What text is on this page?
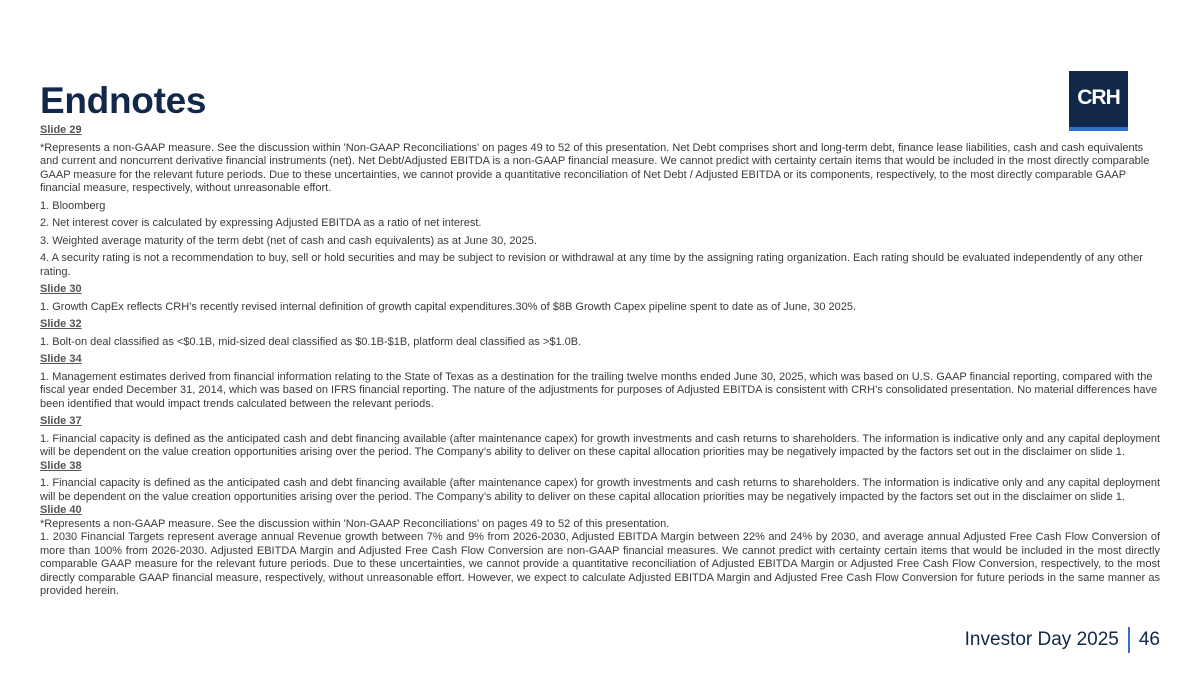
Endnotes	CRH

Slide 29

*Represents a non-GAAP measure. See the discussion within 'Non-GAAP Reconciliations' on pages 49 to 52 of this presentation. Net Debt comprises short and long-term debt, finance lease liabilities, cash and cash equivalents and current and noncurrent derivative financial instruments (net). Net Debt/Adjusted EBITDA is a non-GAAP financial measure. We cannot predict with certainty certain items that would be included in the most directly comparable GAAP measure for the relevant future periods. Due to these uncertainties, we cannot provide a quantitative reconciliation of Net Debt / Adjusted EBITDA or its components, respectively, to the most directly comparable GAAP financial measure, respectively, without unreasonable effort.

1. Bloomberg

2. Net interest cover is calculated by expressing Adjusted EBITDA as a ratio of net interest.

3. Weighted average maturity of the term debt (net of cash and cash equivalents) as at June 30, 2025.

4. A security rating is not a recommendation to buy, sell or hold securities and may be subject to revision or withdrawal at any time by the assigning rating organization. Each rating should be evaluated independently of any other rating.

Slide 30

1. Growth CapEx reflects CRH’s recently revised internal definition of growth capital expenditures.30% of $8B Growth Capex pipeline spent to date as of June, 30 2025.

Slide 32

1. Bolt-on deal classified as <$0.1B, mid-sized deal classified as $0.1B-$1B, platform deal classified as >$1.0B.

Slide 34

1. Management estimates derived from financial information relating to the State of Texas as a destination for the trailing twelve months ended June 30, 2025, which was based on U.S. GAAP financial reporting, compared with the fiscal year ended December 31, 2014, which was based on IFRS financial reporting. The nature of the adjustments for purposes of Adjusted EBITDA is consistent with CRH’s consolidated presentation. No material differences have been identified that would impact trends calculated between the relevant periods.

Slide 37

1. Financial capacity is defined as the anticipated cash and debt financing available (after maintenance capex) for growth investments and cash returns to shareholders. The information is indicative only and any capital deployment will be dependent on the value creation opportunities arising over the period. The Company’s ability to deliver on these capital allocation priorities may be negatively impacted by the factors set out in the disclaimer on slide 1.

Slide 38

1. Financial capacity is defined as the anticipated cash and debt financing available (after maintenance capex) for growth investments and cash returns to shareholders. The information is indicative only and any capital deployment will be dependent on the value creation opportunities arising over the period. The Company’s ability to deliver on these capital allocation priorities may be negatively impacted by the factors set out in the disclaimer on slide 1.

Slide 40

*Represents a non-GAAP measure. See the discussion within 'Non-GAAP Reconciliations' on pages 49 to 52 of this presentation.

1. 2030 Financial Targets represent average annual Revenue growth between 7% and 9% from 2026-2030, Adjusted EBITDA Margin between 22% and 24% by 2030, and average annual Adjusted Free Cash Flow Conversion of more than 100% from 2026-2030. Adjusted EBITDA Margin and Adjusted Free Cash Flow Conversion are non-GAAP financial measures. We cannot predict with certainty certain items that would be included in the most directly comparable GAAP measure for the relevant future periods. Due to these uncertainties, we cannot provide a quantitative reconciliation of Adjusted EBITDA Margin or Adjusted Free Cash Flow Conversion, respectively, to the most directly comparable GAAP financial measure, respectively, without unreasonable effort. However, we expect to calculate Adjusted EBITDA Margin and Adjusted Free Cash Flow Conversion for future periods in the same manner as provided herein.

Investor Day 2025 46
